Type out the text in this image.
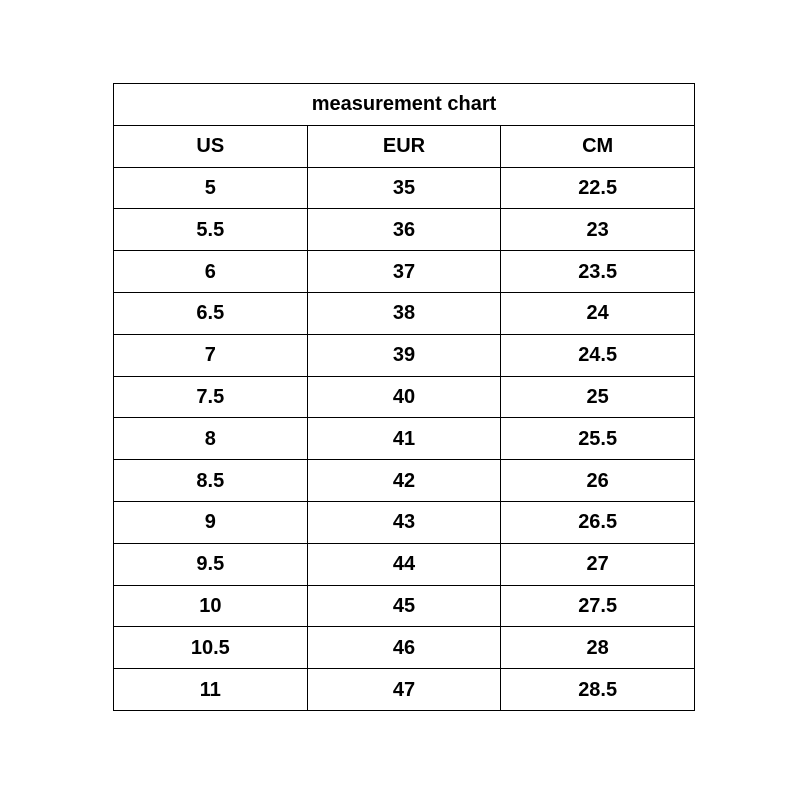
measurement chart		
US	EUR	CM
5	35	22.5
5.5	36	23
6	37	23.5
6.5	38	24
7	39	24.5
7.5	40	25
8	41	25.5
8.5	42	26
9	43	26.5
9.5	44	27
10	45	27.5
10.5	46	28
11	47	28.5
